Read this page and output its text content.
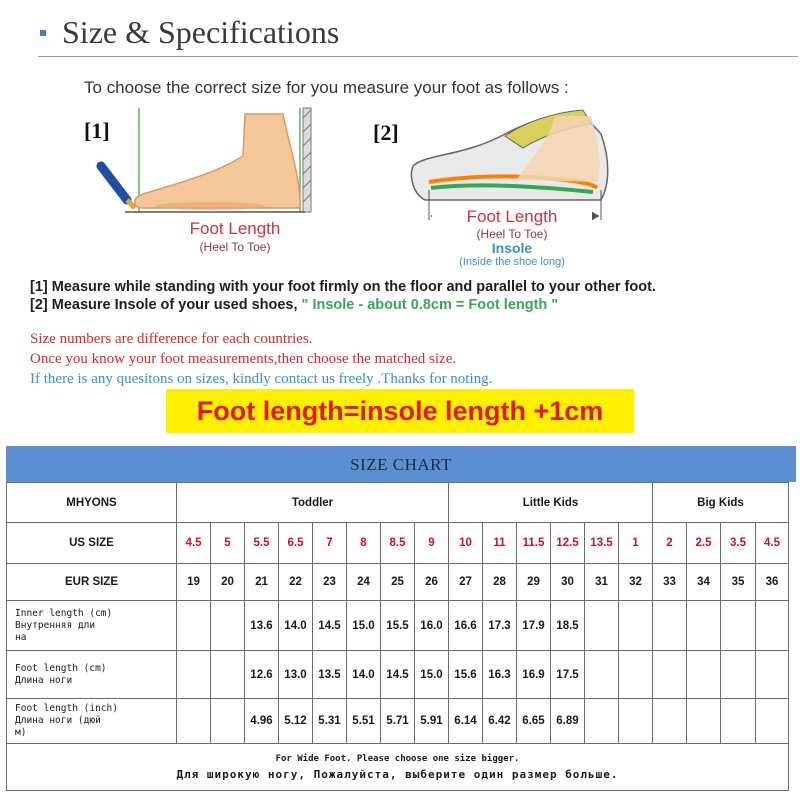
Size & Specifications
To choose the correct size for you measure your foot as follows :
[1]
Foot Length
(Heel To Toe)
[2]
Foot Length
(Heel To Toe)
Insole
(Inside the shoe long)
[1] Measure while standing with your foot firmly on the floor and parallel to your other foot.
[2] Measure Insole of your used shoes, " Insole - about 0.8cm = Foot length "
Size numbers are difference for each countries.
Once you know your foot measurements,then choose the matched size.
If there is any quesitons on sizes, kindly contact us freely .Thanks for noting.
Foot length=insole length +1cm
SIZE CHART
MHYONS	Toddler								Little Kids						Big Kids			
US SIZE	4.5	5	5.5	6.5	7	8	8.5	9	10	11	11.5	12.5	13.5	1	2	2.5	3.5	4.5
EUR SIZE	19	20	21	22	23	24	25	26	27	28	29	30	31	32	33	34	35	36
Inner length (cm)
Внутренняя дли
на			13.6	14.0	14.5	15.0	15.5	16.0	16.6	17.3	17.9	18.5						
Foot length (cm)
Длина ноги			12.6	13.0	13.5	14.0	14.5	15.0	15.6	16.3	16.9	17.5						
Foot length (inch)
Длина ноги (дюй
м)			4.96	5.12	5.31	5.51	5.71	5.91	6.14	6.42	6.65	6.89						

For Wide Foot. Please choose one size bigger.
Для широкую ногу, Пожалуйста, выберите один размер больше.																		
